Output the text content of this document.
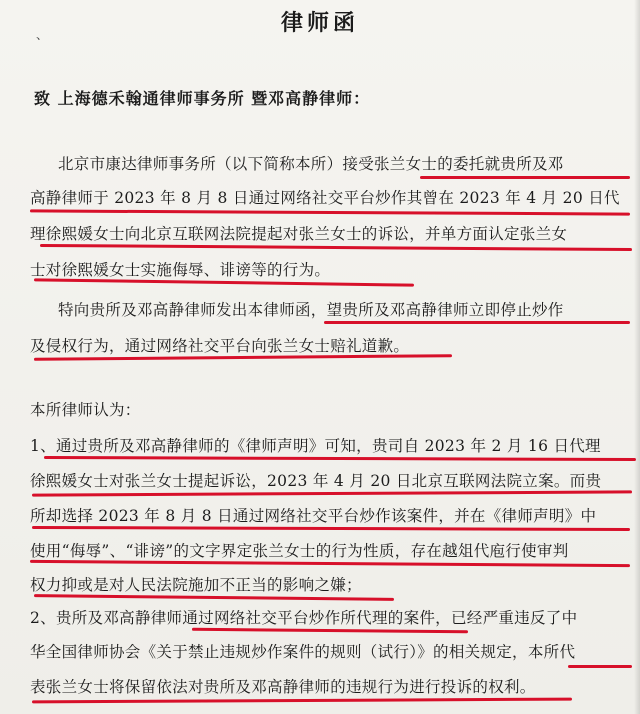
律师函
、
致 上海德禾翰通律师事务所 暨邓高静律师：
北京市康达律师事务所（以下简称本所）接受张兰女士的委托就贵所及邓
高静律师于 2023 年 8 月 8 日通过网络社交平台炒作其曾在 2023 年 4 月 20 日代
理徐熙媛女士向北京互联网法院提起对张兰女士的诉讼，并单方面认定张兰女
士对徐熙媛女士实施侮辱、诽谤等的行为。
特向贵所及邓高静律师发出本律师函，望贵所及邓高静律师立即停止炒作
及侵权行为，通过网络社交平台向张兰女士赔礼道歉。
本所律师认为：
1、通过贵所及邓高静律师的《律师声明》可知，贵司自 2023 年 2 月 16 日代理
徐熙媛女士对张兰女士提起诉讼，2023 年 4 月 20 日北京互联网法院立案。而贵
所却选择 2023 年 8 月 8 日通过网络社交平台炒作该案件，并在《律师声明》中
使用“侮辱”、“诽谤”的文字界定张兰女士的行为性质，存在越俎代庖行使审判
权力抑或是对人民法院施加不正当的影响之嫌；
2、贵所及邓高静律师通过网络社交平台炒作所代理的案件，已经严重违反了中
华全国律师协会《关于禁止违规炒作案件的规则（试行）》的相关规定，本所代
表张兰女士将保留依法对贵所及邓高静律师的违规行为进行投诉的权利。
